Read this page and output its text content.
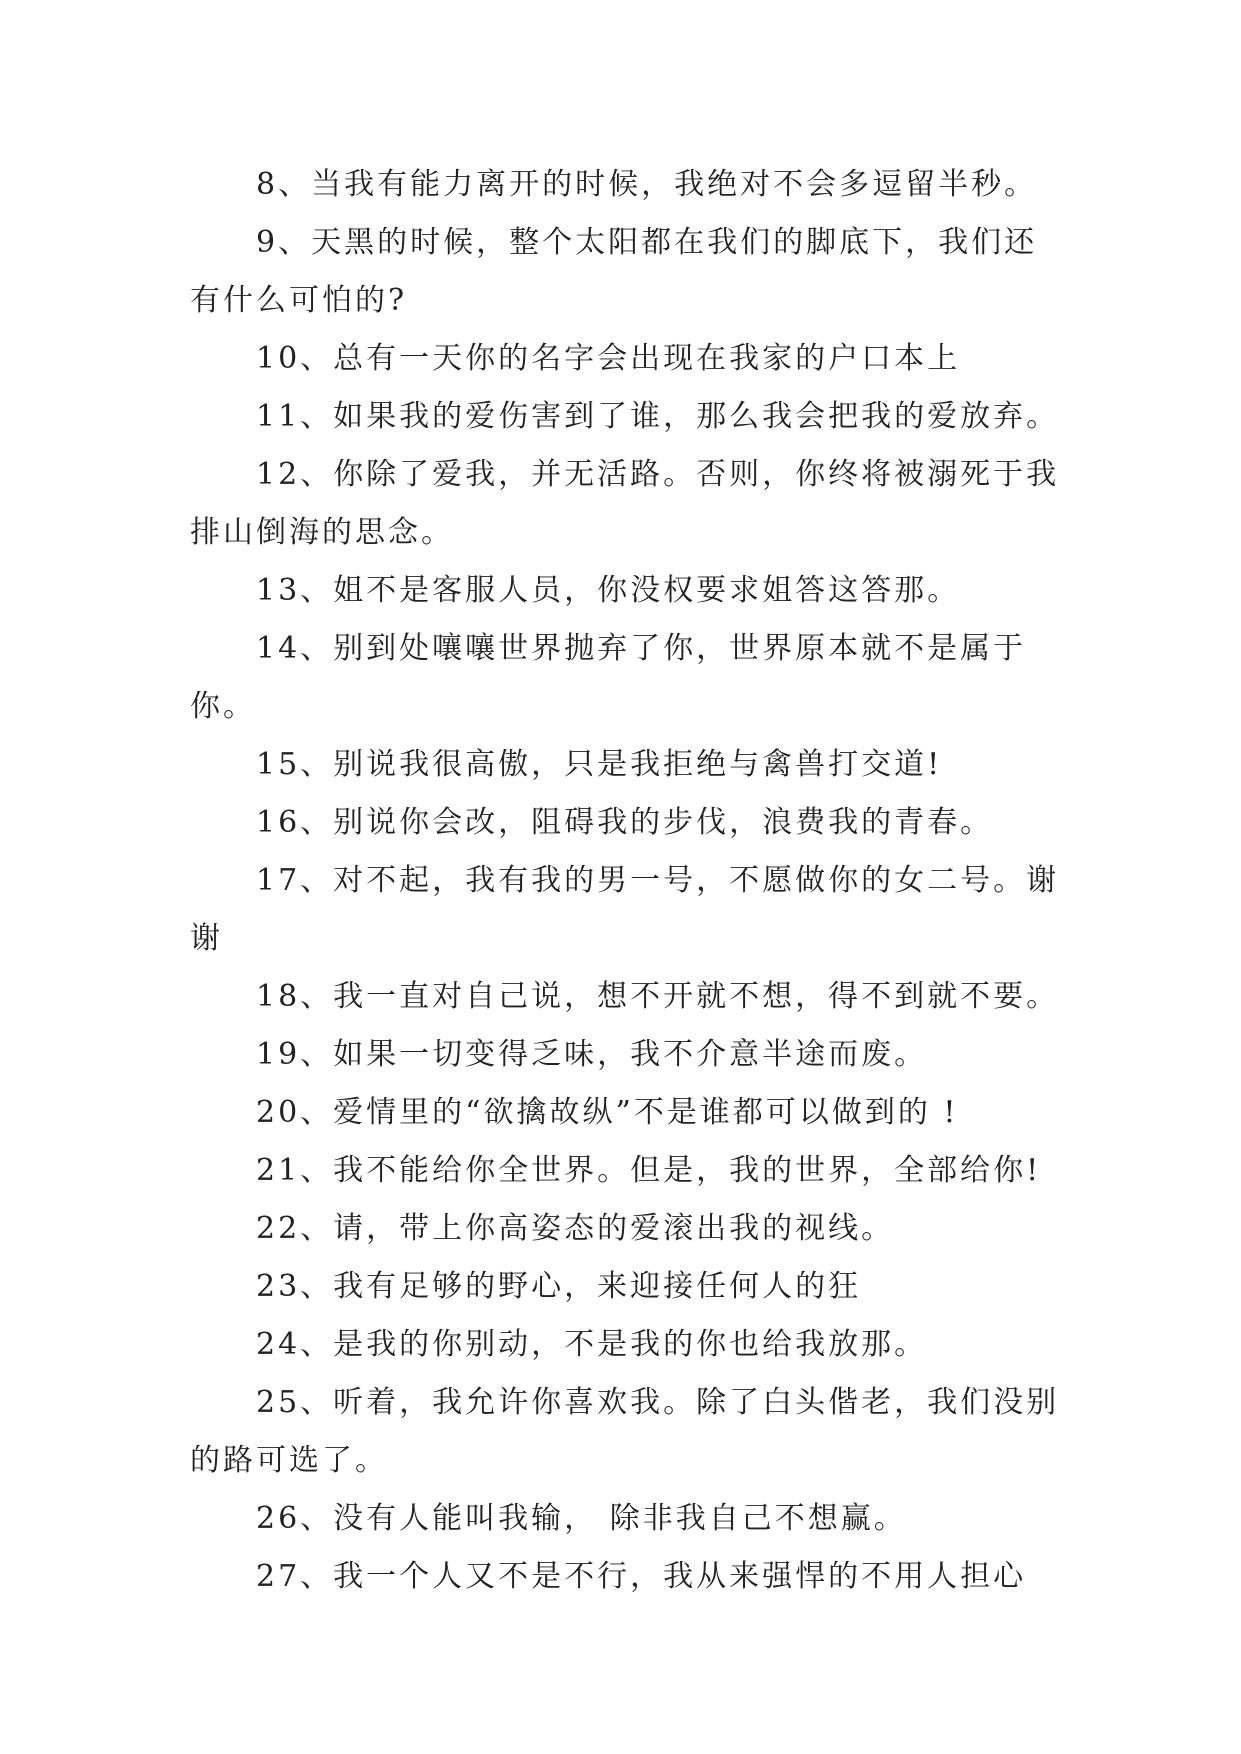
8、当我有能力离开的时候，我绝对不会多逗留半秒。

9、天黑的时候，整个太阳都在我们的脚底下，我们还有什么可怕的?

10、总有一天你的名字会出现在我家的户口本上

11、如果我的爱伤害到了谁，那么我会把我的爱放弃。

12、你除了爱我，并无活路。否则，你终将被溺死于我排山倒海的思念。

13、姐不是客服人员，你没权要求姐答这答那。

14、别到处嚷嚷世界抛弃了你，世界原本就不是属于你。

15、别说我很高傲，只是我拒绝与禽兽打交道!

16、别说你会改，阻碍我的步伐，浪费我的青春。

17、对不起，我有我的男一号，不愿做你的女二号。谢谢

18、我一直对自己说，想不开就不想，得不到就不要。

19、如果一切变得乏味，我不介意半途而废。

20、爱情里的“欲擒故纵”不是谁都可以做到的 !

21、我不能给你全世界。但是，我的世界，全部给你!

22、请，带上你高姿态的爱滚出我的视线。

23、我有足够的野心，来迎接任何人的狂

24、是我的你别动，不是我的你也给我放那。

25、听着，我允许你喜欢我。除了白头偕老，我们没别的路可选了。

26、没有人能叫我输， 除非我自己不想赢。

27、我一个人又不是不行，我从来强悍的不用人担心
